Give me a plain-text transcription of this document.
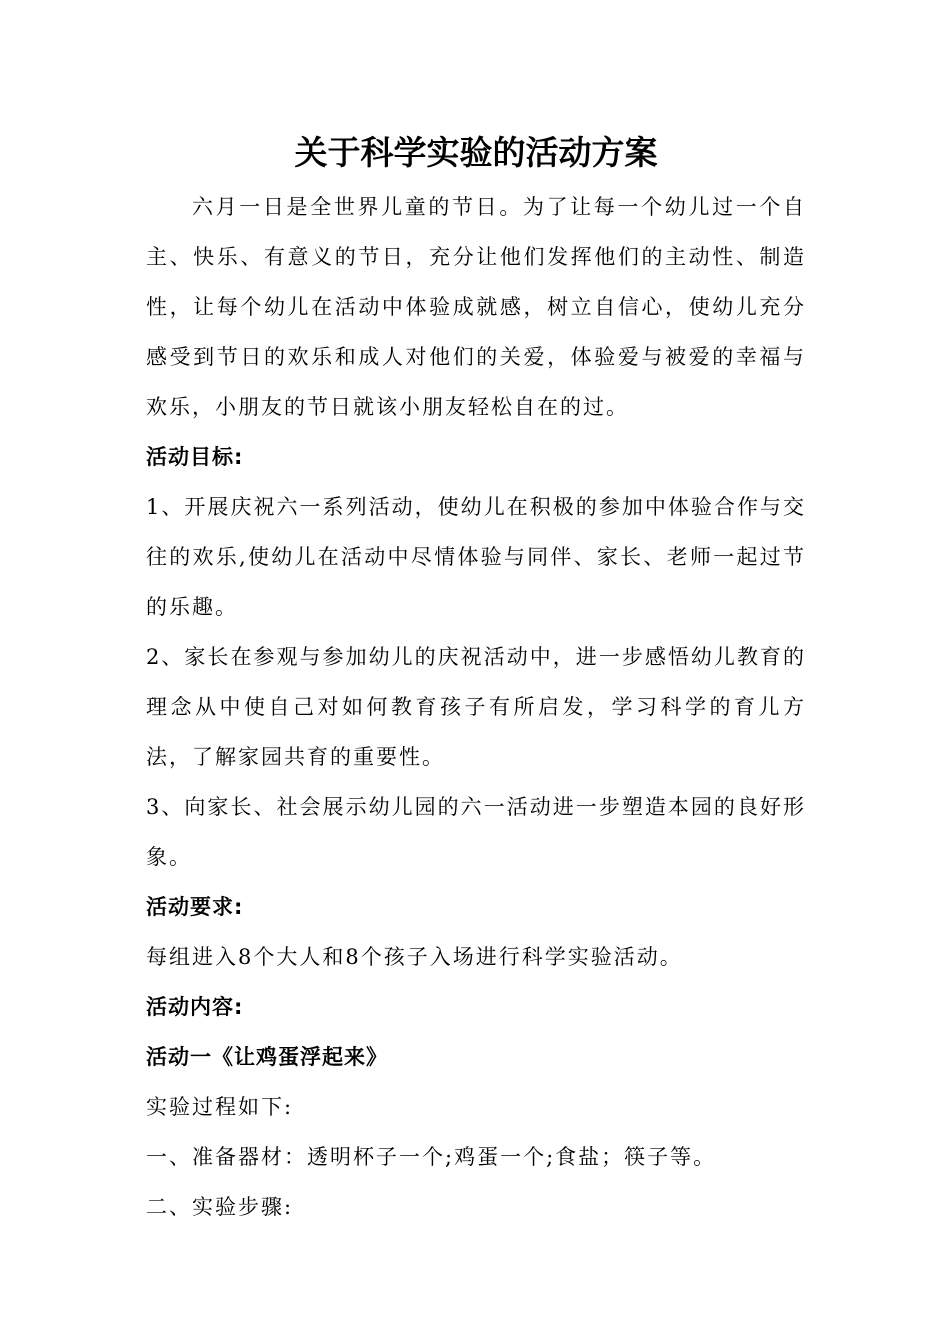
关于科学实验的活动方案

六月一日是全世界儿童的节日。为了让每一个幼儿过一个自主、快乐、有意义的节日，充分让他们发挥他们的主动性、制造性，让每个幼儿在活动中体验成就感，树立自信心，使幼儿充分感受到节日的欢乐和成人对他们的关爱，体验爱与被爱的幸福与欢乐，小朋友的节日就该小朋友轻松自在的过。

活动目标:

1、开展庆祝六一系列活动，使幼儿在积极的参加中体验合作与交往的欢乐,使幼儿在活动中尽情体验与同伴、家长、老师一起过节的乐趣。

2、家长在参观与参加幼儿的庆祝活动中，进一步感悟幼儿教育的理念从中使自己对如何教育孩子有所启发，学习科学的育儿方法，了解家园共育的重要性。

3、向家长、社会展示幼儿园的六一活动进一步塑造本园的良好形象。

活动要求:

每组进入8个大人和8个孩子入场进行科学实验活动。

活动内容:

活动一《让鸡蛋浮起来》

实验过程如下:

一、准备器材：透明杯子一个;鸡蛋一个;食盐；筷子等。

二、实验步骤:
